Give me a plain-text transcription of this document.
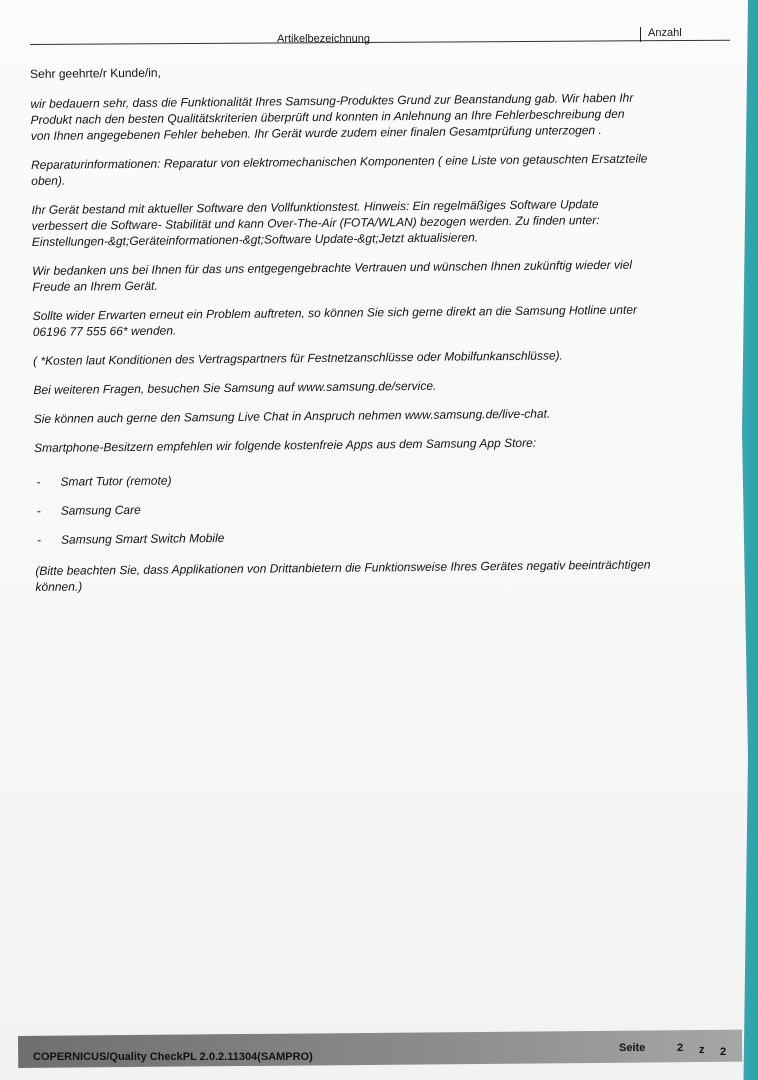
Artikelbezeichnung	Anzahl

Sehr geehrte/r Kunde/in,

wir bedauern sehr, dass die Funktionalität Ihres Samsung-Produktes Grund zur Beanstandung gab. Wir haben Ihr

Produkt nach den besten Qualitätskriterien überprüft und konnten in Anlehnung an Ihre Fehlerbeschreibung den

von Ihnen angegebenen Fehler beheben. Ihr Gerät wurde zudem einer finalen Gesamtprüfung unterzogen .

Reparaturinformationen: Reparatur von elektromechanischen Komponenten ( eine Liste von getauschten Ersatzteile

oben).

Ihr Gerät bestand mit aktueller Software den Vollfunktionstest. Hinweis: Ein regelmäßiges Software Update

verbessert die Software- Stabilität und kann Over-The-Air (FOTA/WLAN) bezogen werden. Zu finden unter:

Einstellungen-&gt;Geräteinformationen-&gt;Software Update-&gt;Jetzt aktualisieren.

Wir bedanken uns bei Ihnen für das uns entgegengebrachte Vertrauen und wünschen Ihnen zukünftig wieder viel

Freude an Ihrem Gerät.

Sollte wider Erwarten erneut ein Problem auftreten, so können Sie sich gerne direkt an die Samsung Hotline unter

06196 77 555 66* wenden.

( *Kosten laut Konditionen des Vertragspartners für Festnetzanschlüsse oder Mobilfunkanschlüsse).

Bei weiteren Fragen, besuchen Sie Samsung auf www.samsung.de/service.

Sie können auch gerne den Samsung Live Chat in Anspruch nehmen www.samsung.de/live-chat.

Smartphone-Besitzern empfehlen wir folgende kostenfreie Apps aus dem Samsung App Store:

- Smart Tutor (remote)
- Samsung Care
- Samsung Smart Switch Mobile

(Bitte beachten Sie, dass Applikationen von Drittanbietern die Funktionsweise Ihres Gerätes negativ beeinträchtigen

können.)

COPERNICUS/Quality CheckPL 2.0.2.11304(SAMPRO)
Seite	2 z 2
